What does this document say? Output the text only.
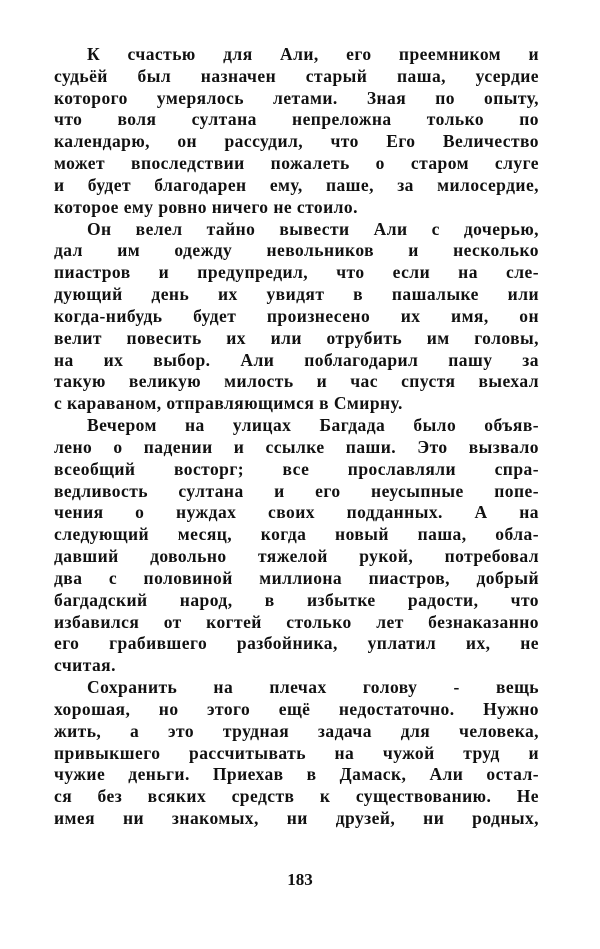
К счастью для Али, его преемником и
судьёй был назначен старый паша, усердие
которого умерялось летами. Зная по опыту,
что воля султана непреложна только по
календарю, он рассудил, что Его Величество
может впоследствии пожалеть о старом слуге
и будет благодарен ему, паше, за милосердие,
которое ему ровно ничего не стоило.
Он велел тайно вывести Али с дочерью,
дал им одежду невольников и несколько
пиастров и предупредил, что если на сле-
дующий день их увидят в пашалыке или
когда-нибудь будет произнесено их имя, он
велит повесить их или отрубить им головы,
на их выбор. Али поблагодарил пашу за
такую великую милость и час спустя выехал
с караваном, отправляющимся в Смирну.
Вечером на улицах Багдада было объяв-
лено о падении и ссылке паши. Это вызвало
всеобщий восторг; все прославляли спра-
ведливость султана и его неусыпные попе-
чения о нуждах своих подданных. А на
следующий месяц, когда новый паша, обла-
давший довольно тяжелой рукой, потребовал
два с половиной миллиона пиастров, добрый
багдадский народ, в избытке радости, что
избавился от когтей столько лет безнаказанно
его грабившего разбойника, уплатил их, не
считая.
Сохранить на плечах голову - вещь
хорошая, но этого ещё недостаточно. Нужно
жить, а это трудная задача для человека,
привыкшего рассчитывать на чужой труд и
чужие деньги. Приехав в Дамаск, Али остал-
ся без всяких средств к существованию. Не
имея ни знакомых, ни друзей, ни родных,
183
